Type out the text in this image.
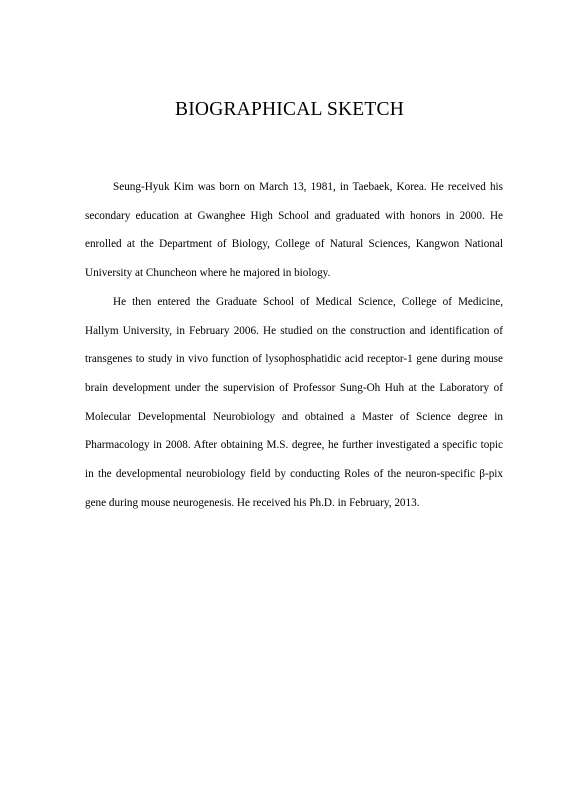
BIOGRAPHICAL SKETCH

Seung-Hyuk Kim was born on March 13, 1981, in Taebaek, Korea. He received his secondary education at Gwanghee High School and graduated with honors in 2000. He enrolled at the Department of Biology, College of Natural Sciences, Kangwon National University at Chuncheon where he majored in biology.

He then entered the Graduate School of Medical Science, College of Medicine, Hallym University, in February 2006. He studied on the construction and identification of transgenes to study in vivo function of lysophosphatidic acid receptor-1 gene during mouse brain development under the supervision of Professor Sung-Oh Huh at the Laboratory of Molecular Developmental Neurobiology and obtained a Master of Science degree in Pharmacology in 2008. After obtaining M.S. degree, he further investigated a specific topic in the developmental neurobiology field by conducting Roles of the neuron-specific β-pix gene during mouse neurogenesis. He received his Ph.D. in February, 2013.
